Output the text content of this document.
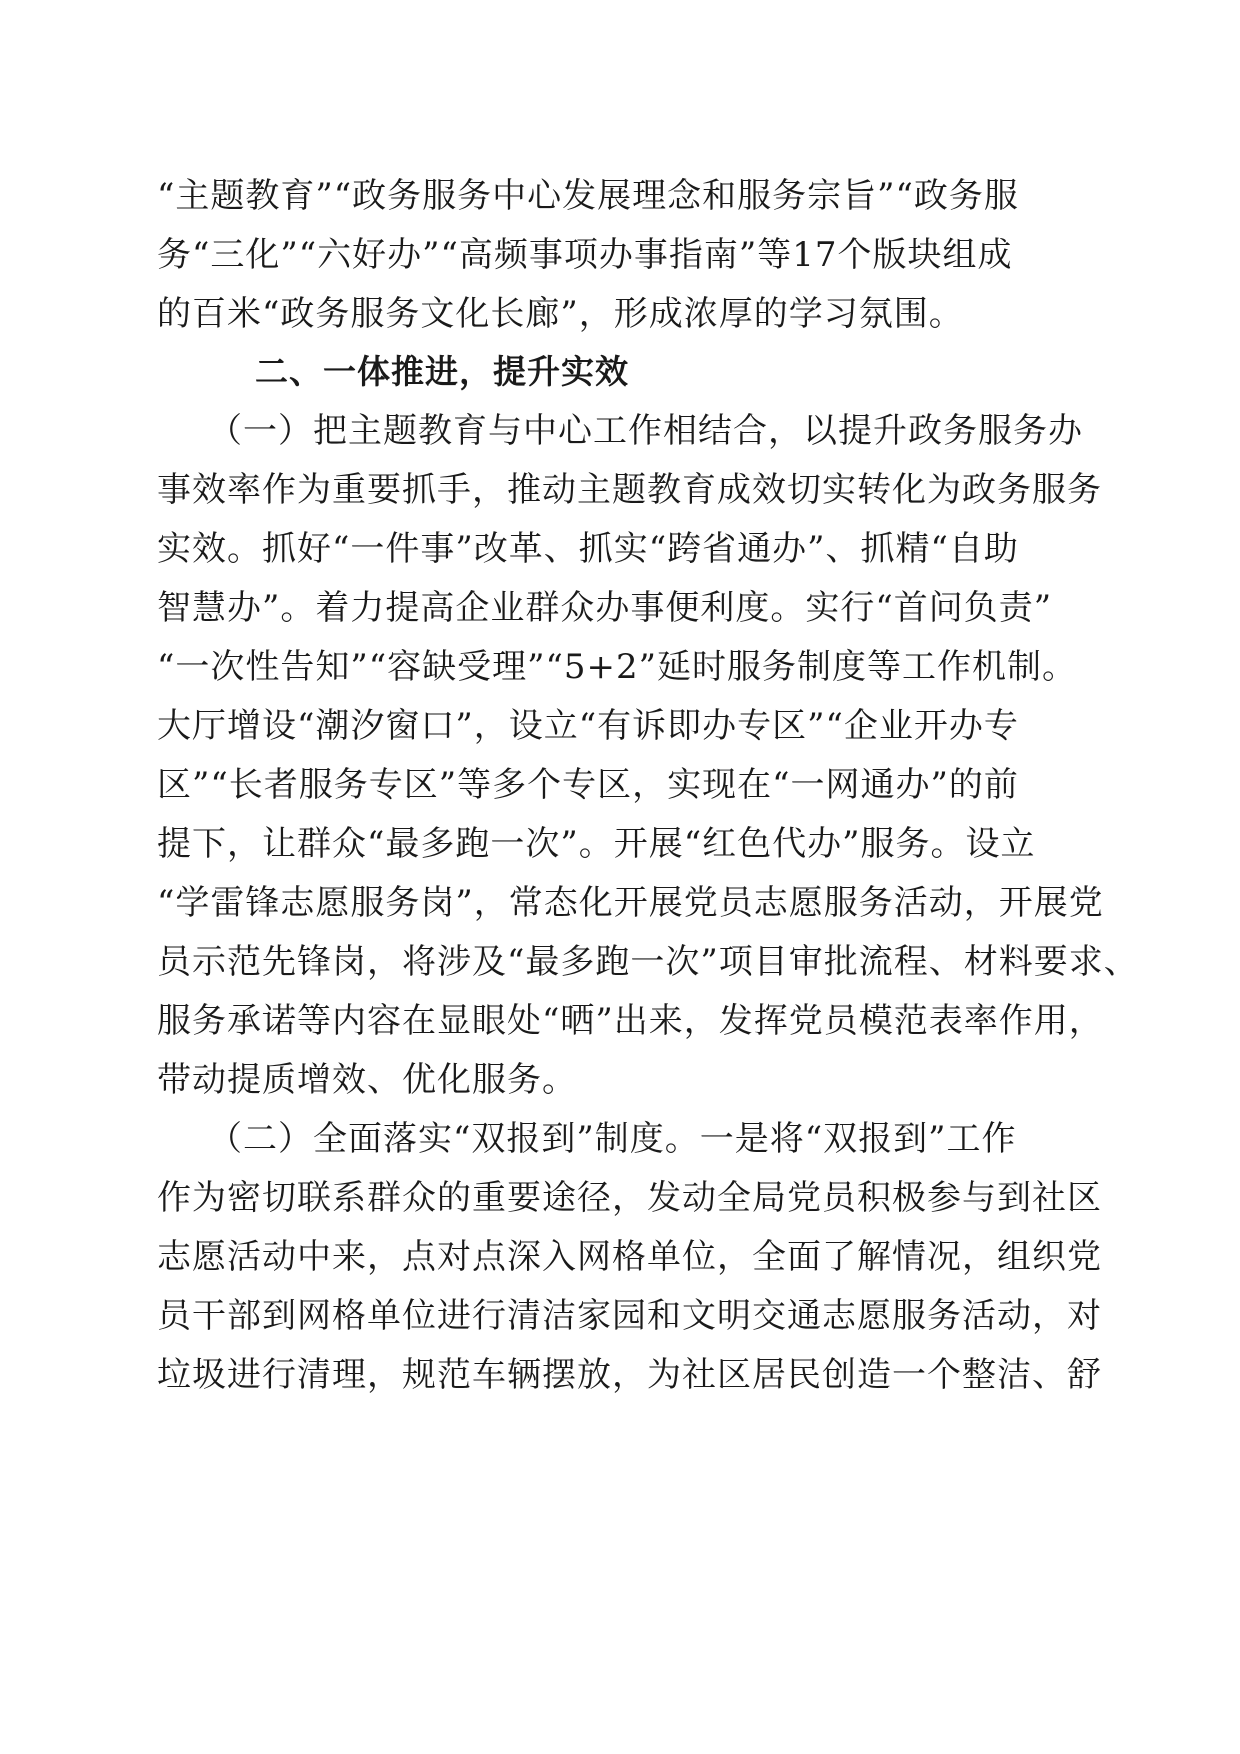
“主题教育”“政务服务中心发展理念和服务宗旨”“政务服
务“三化”“六好办”“高频事项办事指南”等17个版块组成
的百米“政务服务文化长廊”，形成浓厚的学习氛围。
二、一体推进，提升实效
（一）把主题教育与中心工作相结合，以提升政务服务办
事效率作为重要抓手，推动主题教育成效切实转化为政务服务
实效。抓好“一件事”改革、抓实“跨省通办”、抓精“自助
智慧办”。着力提高企业群众办事便利度。实行“首问负责”
“一次性告知”“容缺受理”“5+2”延时服务制度等工作机制。
大厅增设“潮汐窗口”，设立“有诉即办专区”“企业开办专
区”“长者服务专区”等多个专区，实现在“一网通办”的前
提下，让群众“最多跑一次”。开展“红色代办”服务。设立
“学雷锋志愿服务岗”，常态化开展党员志愿服务活动，开展党
员示范先锋岗，将涉及“最多跑一次”项目审批流程、材料要求、
服务承诺等内容在显眼处“晒”出来，发挥党员模范表率作用，
带动提质增效、优化服务。
（二）全面落实“双报到”制度。一是将“双报到”工作
作为密切联系群众的重要途径，发动全局党员积极参与到社区
志愿活动中来，点对点深入网格单位，全面了解情况，组织党
员干部到网格单位进行清洁家园和文明交通志愿服务活动，对
垃圾进行清理，规范车辆摆放，为社区居民创造一个整洁、舒
